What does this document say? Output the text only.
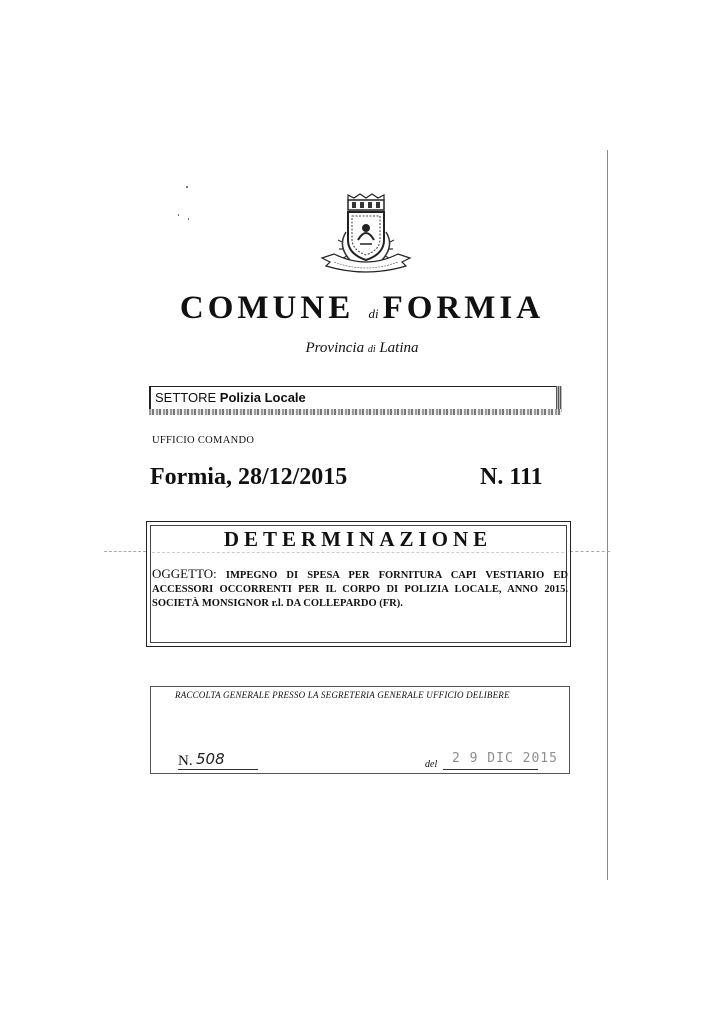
COMUNE di FORMIA
Provincia di Latina
SETTORE Polizia Locale
UFFICIO COMANDO
Formia, 28/12/2015	N. 111
DETERMINAZIONE
OGGETTO: IMPEGNO DI SPESA PER FORNITURA CAPI VESTIARIO ED ACCESSORI OCCORRENTI PER IL CORPO DI POLIZIA LOCALE, ANNO 2015. SOCIETÀ MONSIGNOR r.l. DA COLLEPARDO (FR).
RACCOLTA GENERALE PRESSO LA SEGRETERIA GENERALE UFFICIO DELIBERE
N. 508	del 2 9 DIC 2015
